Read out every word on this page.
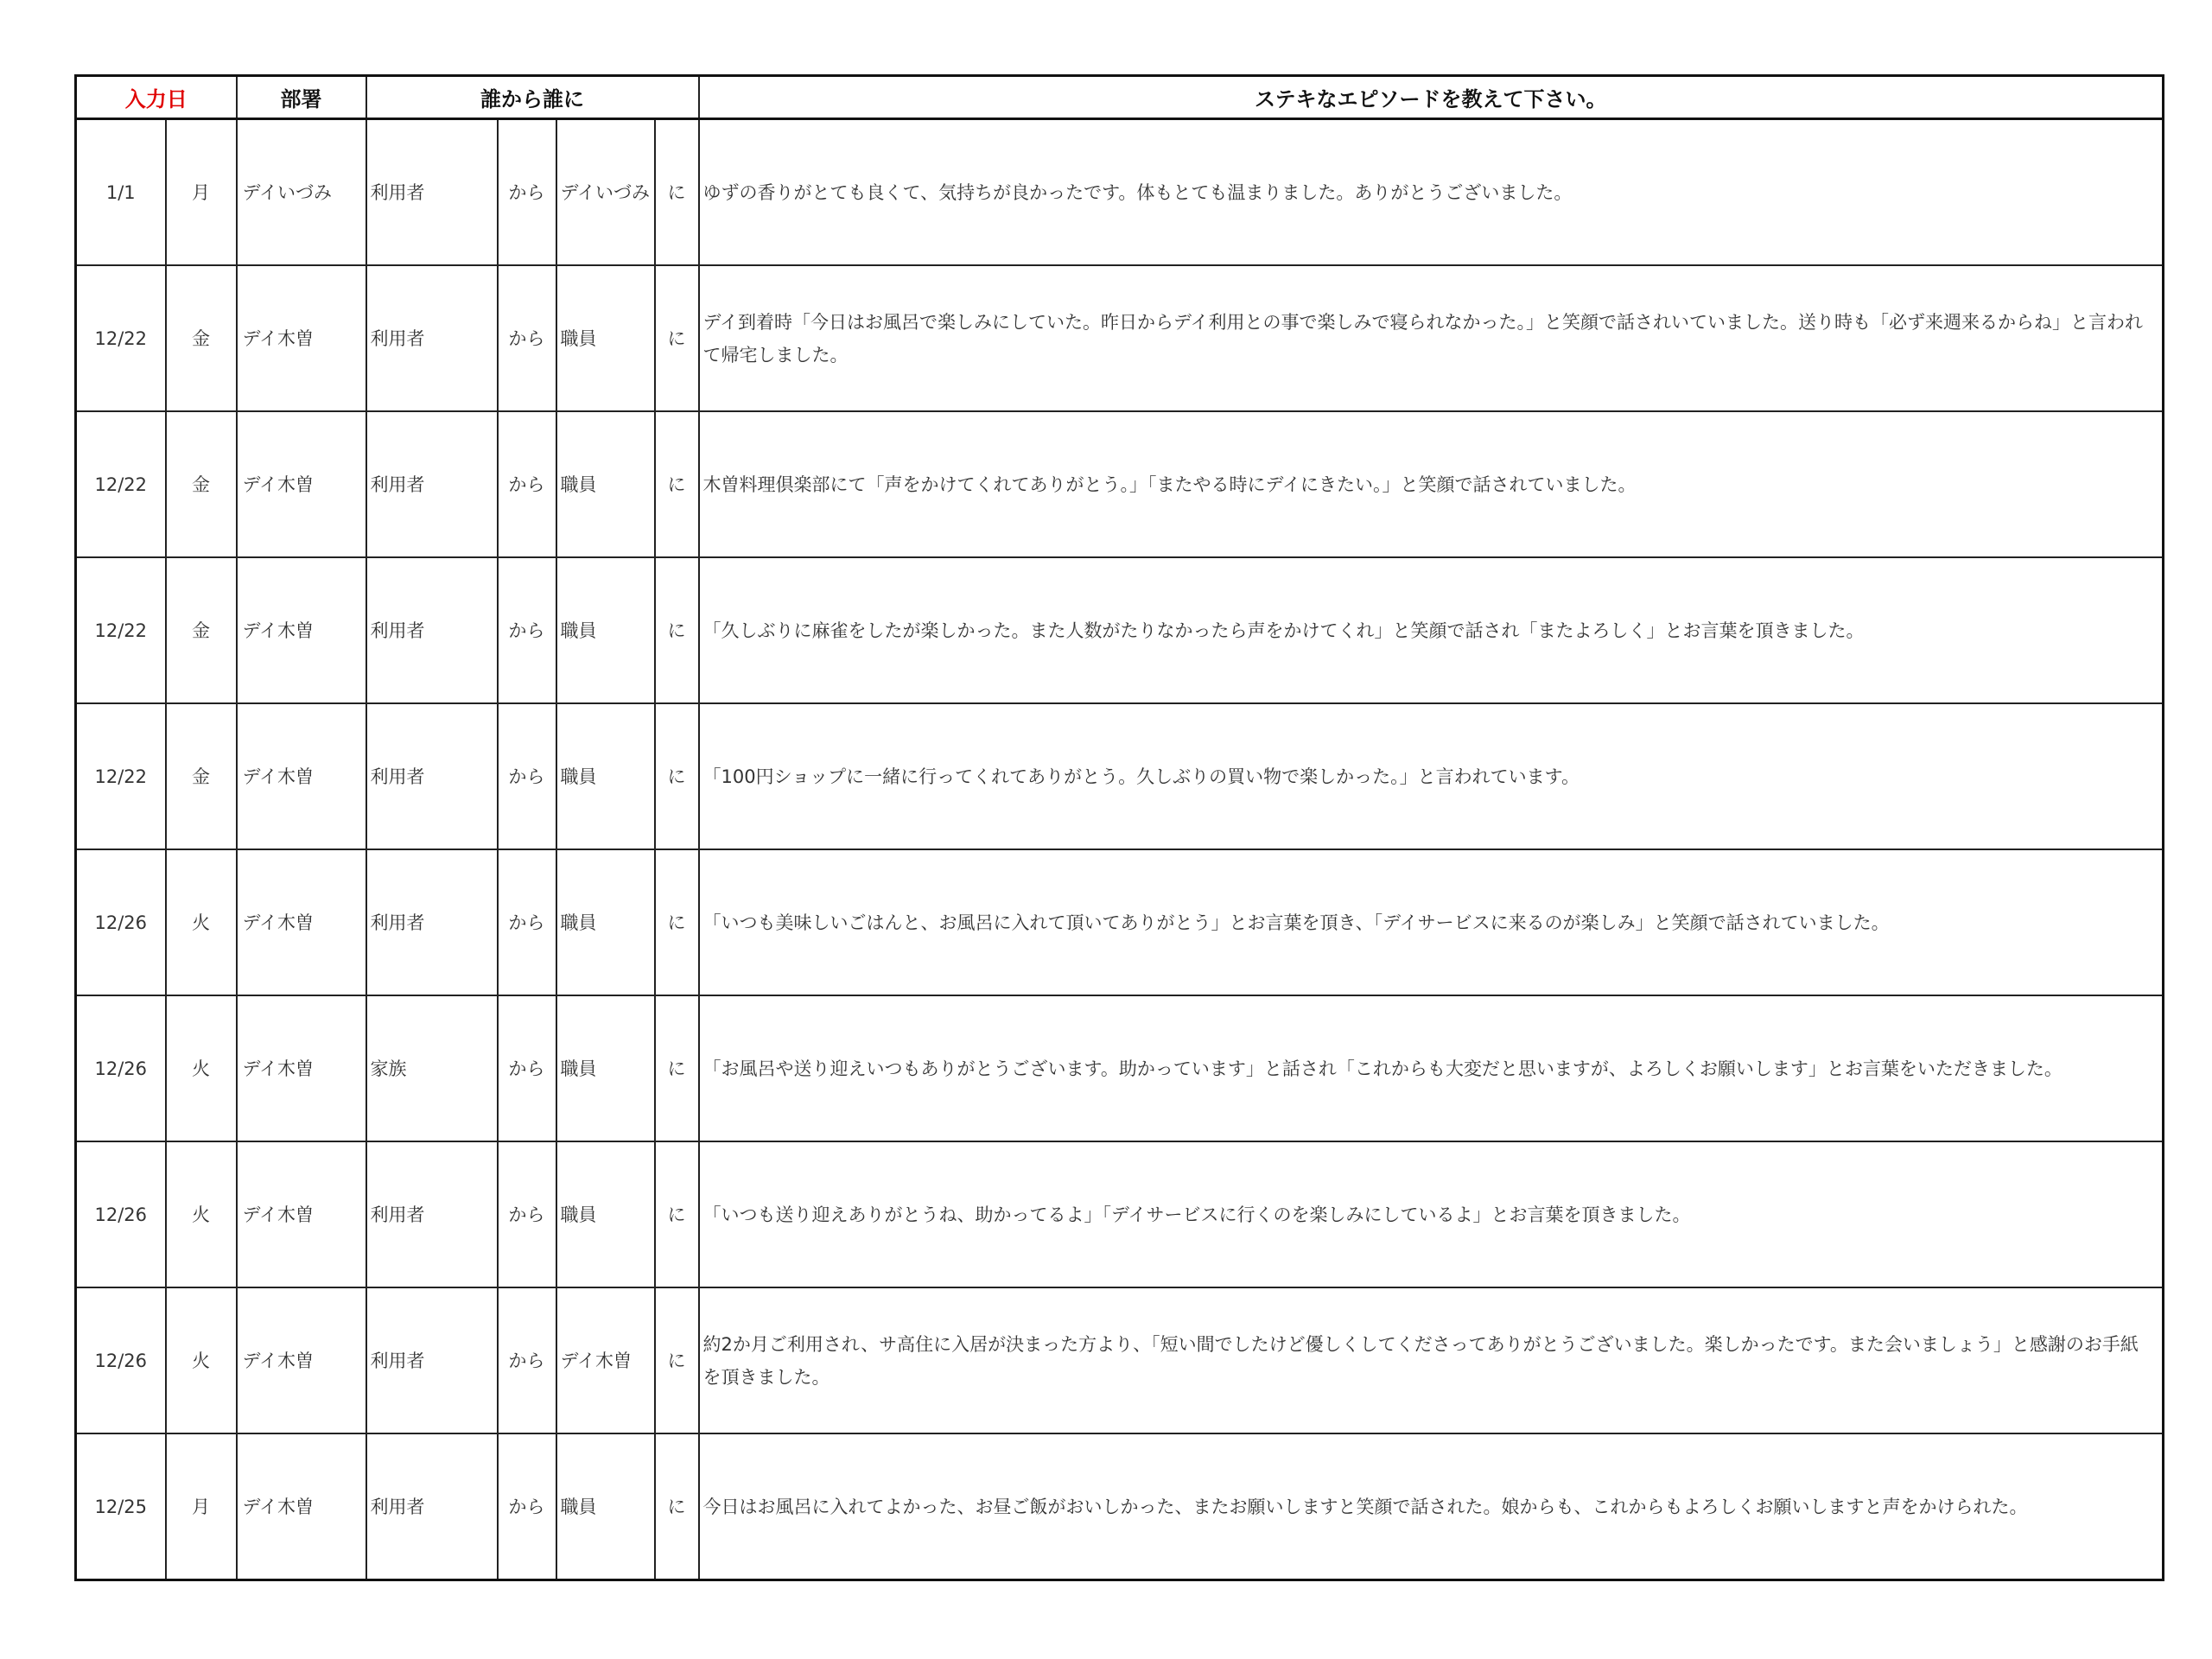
入力日		部署	誰から誰に				ステキなエピソードを教えて下さい。
1/1	月	デイいづみ	利用者	から	デイいづみ	に	ゆずの香りがとても良くて、気持ちが良かったです。体もとても温まりました。ありがとうございました。
12/22	金	デイ木曽	利用者	から	職員	に	デイ到着時「今日はお風呂で楽しみにしていた。昨日からデイ利用との事で楽しみで寝られなかった。」と笑顔で話されいていました。送り時も「必ず来週来るからね」と言われて帰宅しました。
12/22	金	デイ木曽	利用者	から	職員	に	木曽料理倶楽部にて「声をかけてくれてありがとう。」「またやる時にデイにきたい。」と笑顔で話されていました。
12/22	金	デイ木曽	利用者	から	職員	に	「久しぶりに麻雀をしたが楽しかった。また人数がたりなかったら声をかけてくれ」と笑顔で話され「またよろしく」とお言葉を頂きました。
12/22	金	デイ木曽	利用者	から	職員	に	「100円ショップに一緒に行ってくれてありがとう。久しぶりの買い物で楽しかった。」と言われています。
12/26	火	デイ木曽	利用者	から	職員	に	「いつも美味しいごはんと、お風呂に入れて頂いてありがとう」とお言葉を頂き、「デイサービスに来るのが楽しみ」と笑顔で話されていました。
12/26	火	デイ木曽	家族	から	職員	に	「お風呂や送り迎えいつもありがとうございます。助かっています」と話され「これからも大変だと思いますが、よろしくお願いします」とお言葉をいただきました。
12/26	火	デイ木曽	利用者	から	職員	に	「いつも送り迎えありがとうね、助かってるよ」「デイサービスに行くのを楽しみにしているよ」とお言葉を頂きました。
12/26	火	デイ木曽	利用者	から	デイ木曽	に	約2か月ご利用され、サ高住に入居が決まった方より、「短い間でしたけど優しくしてくださってありがとうございました。楽しかったです。また会いましょう」と感謝のお手紙を頂きました。
12/25	月	デイ木曽	利用者	から	職員	に	今日はお風呂に入れてよかった、お昼ご飯がおいしかった、またお願いしますと笑顔で話された。娘からも、これからもよろしくお願いしますと声をかけられた。
